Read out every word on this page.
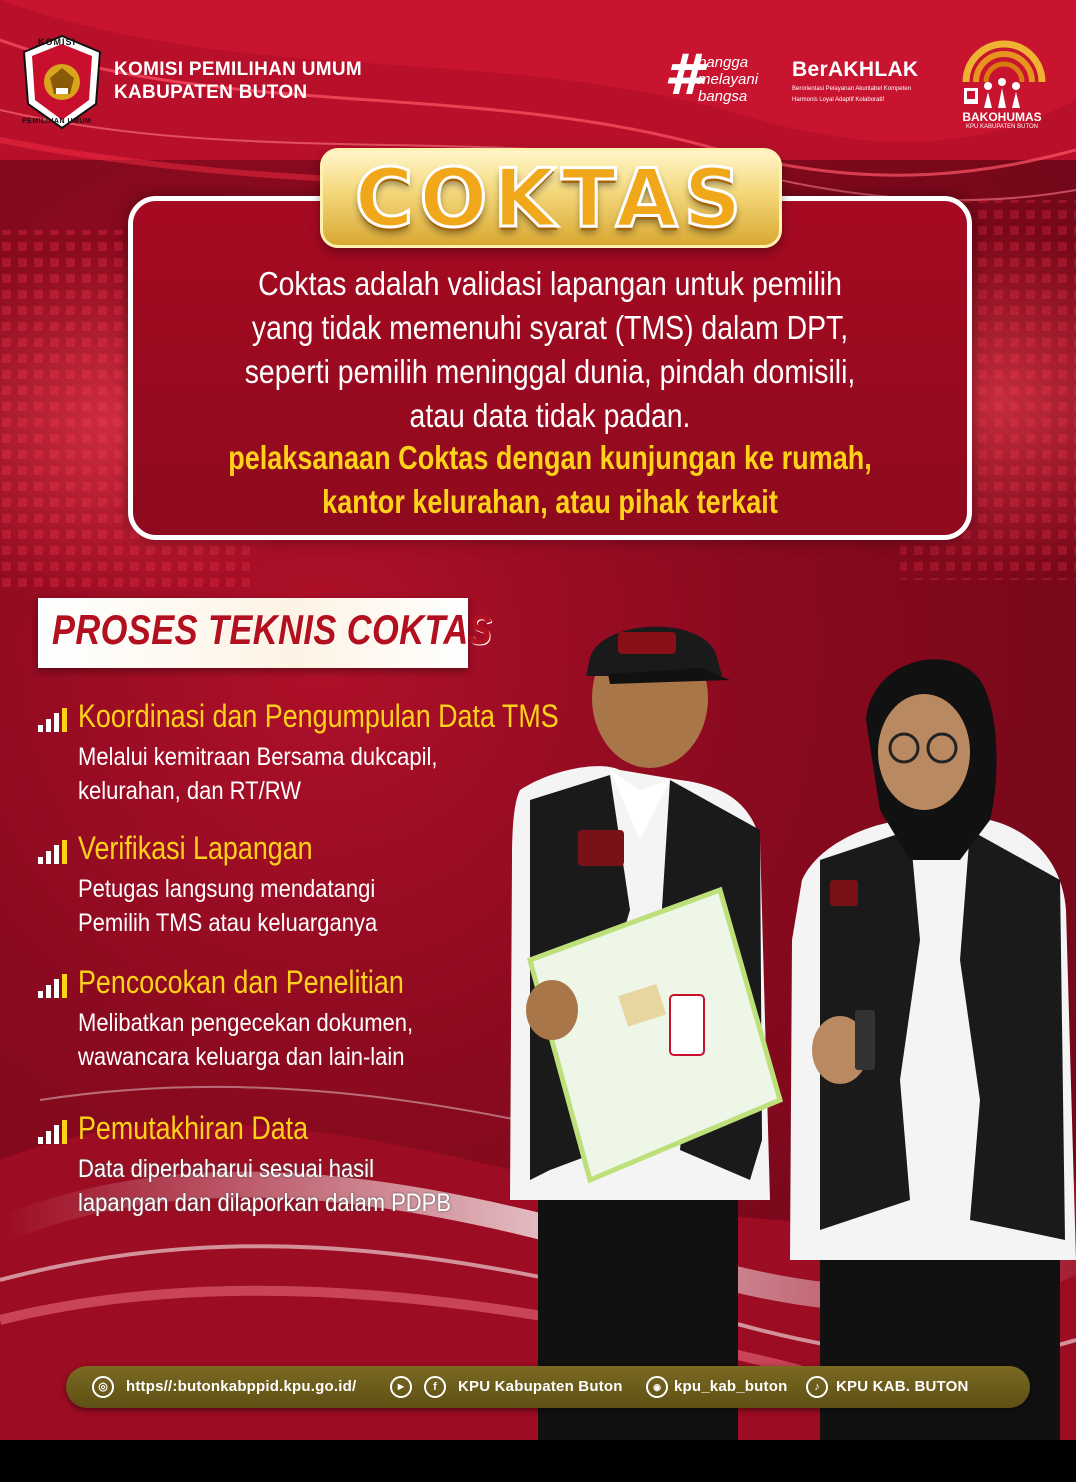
KOMISI
PEMILIHAN UMUM
KOMISI PEMILIHAN UMUM
KABUPATEN BUTON	#
bangga
melayani
bangsa
BerAKHLAK
Berorientasi Pelayanan Akuntabel Kompeten
Harmonis Loyal Adaptif Kolaboratif
BAKOHUMAS
KPU KABUPATEN BUTON
COKTAS
Coktas adalah validasi lapangan untuk pemilih
yang tidak memenuhi syarat (TMS) dalam DPT,
seperti pemilih meninggal dunia, pindah domisili,
atau data tidak padan.
pelaksanaan Coktas dengan kunjungan ke rumah,
kantor kelurahan, atau pihak terkait
PROSES TEKNIS COKTAS
Koordinasi dan Pengumpulan Data TMS
Melalui kemitraan Bersama dukcapil,
kelurahan, dan RT/RW
Verifikasi Lapangan
Petugas langsung mendatangi
Pemilih TMS atau keluarganya
Pencocokan dan Penelitian
Melibatkan pengecekan dokumen,
wawancara keluarga dan lain-lain
Pemutakhiran Data
Data diperbaharui sesuai hasil
lapangan dan dilaporkan dalam PDPB
◎	https//:butonkabppid.kpu.go.id/	▶	f	KPU Kabupaten Buton	◉ kpu_kab_buton	♪	KPU KAB. BUTON
